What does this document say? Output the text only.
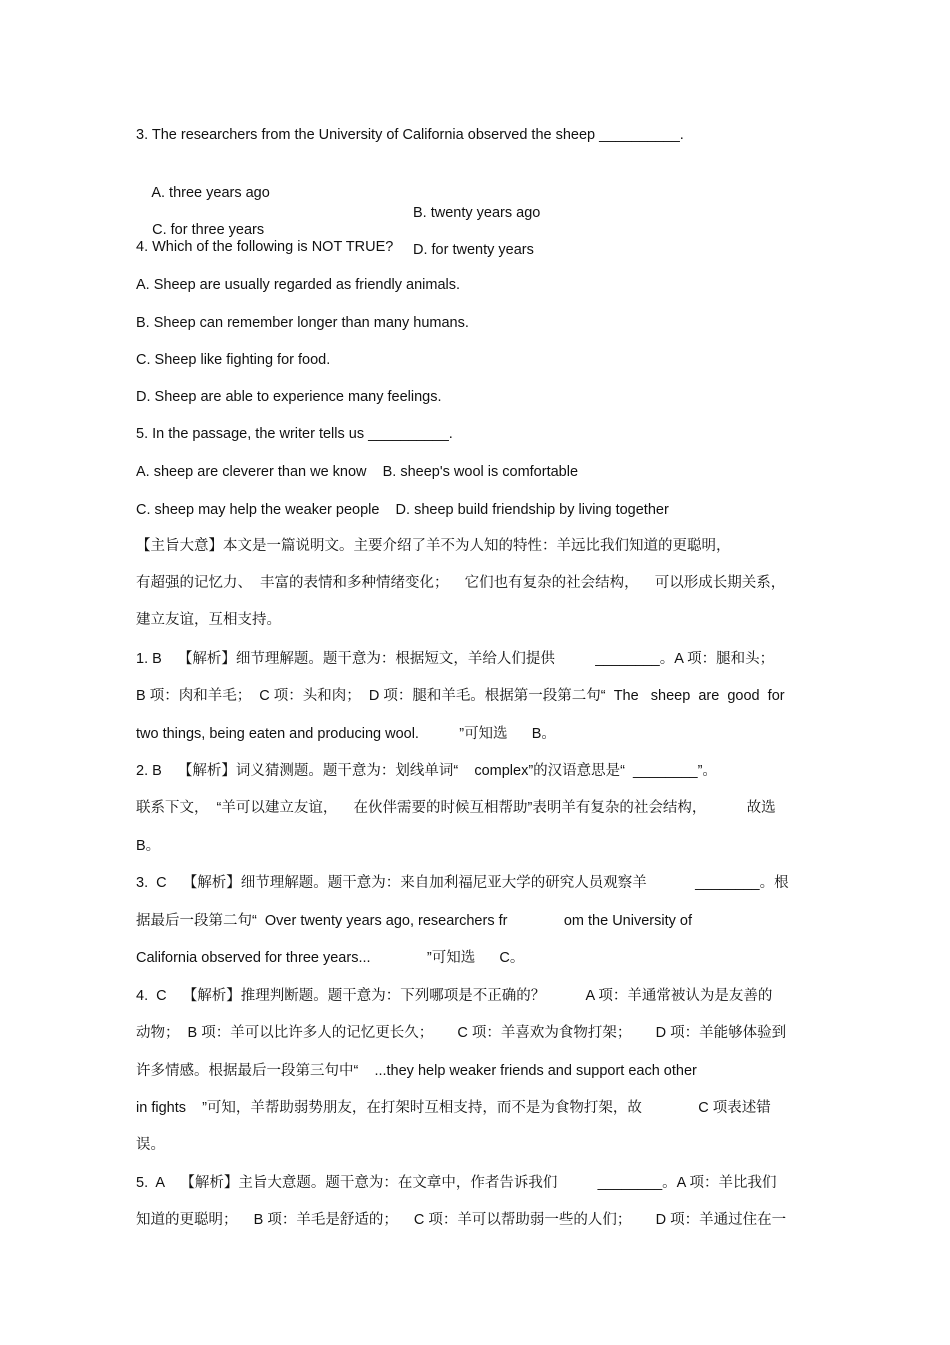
3. The researchers from the University of California observed the sheep __________.

A. three years ago

B. twenty years ago

C. for three years

D. for twenty years

4. Which of the following is NOT TRUE?
A. Sheep are usually regarded as friendly animals.
B. Sheep can remember longer than many humans.
C. Sheep like fighting for food.
D. Sheep are able to experience many feelings.
5. In the passage, the writer tells us __________.
A. sheep are cleverer than we know    B. sheep's wool is comfortable
C. sheep may help the weaker people    D. sheep build friendship by living together
【主旨大意】本文是一篇说明文。主要介绍了羊不为人知的特性：羊远比我们知道的更聪明，
有超强的记忆力、  丰富的表情和多种情绪变化；    它们也有复杂的社会结构，    可以形成长期关系，
建立友谊，互相支持。
1. B    【解析】细节理解题。题干意为：根据短文，羊给人们提供          ________。A 项：腿和头；
B 项：肉和羊毛；  C 项：头和肉；  D 项：腿和羊毛。根据第一段第二句“  The   sheep  are  good  for
two things, being eaten and producing wool.          ”可知选      B。
2. B    【解析】词义猜测题。题干意为：划线单词“    complex”的汉语意思是“  ________”。
联系下文，  “羊可以建立友谊，    在伙伴需要的时候互相帮助”表明羊有复杂的社会结构，          故选
B。
3.  C    【解析】细节理解题。题干意为：来自加利福尼亚大学的研究人员观察羊            ________。根
据最后一段第二句“  Over twenty years ago, researchers fr              om the University of
California observed for three years...              ”可知选      C。
4.  C    【解析】推理判断题。题干意为：下列哪项是不正确的？          A 项：羊通常被认为是友善的
动物；  B 项：羊可以比许多人的记忆更长久；      C 项：羊喜欢为食物打架；      D 项：羊能够体验到
许多情感。根据最后一段第三句中“    ...they help weaker friends and support each other
in fights    ”可知，羊帮助弱势朋友，在打架时互相支持，而不是为食物打架，故              C 项表述错
误。
5.  A    【解析】主旨大意题。题干意为：在文章中，作者告诉我们          ________。A 项：羊比我们
知道的更聪明；    B 项：羊毛是舒适的；    C 项：羊可以帮助弱一些的人们；      D 项：羊通过住在一
